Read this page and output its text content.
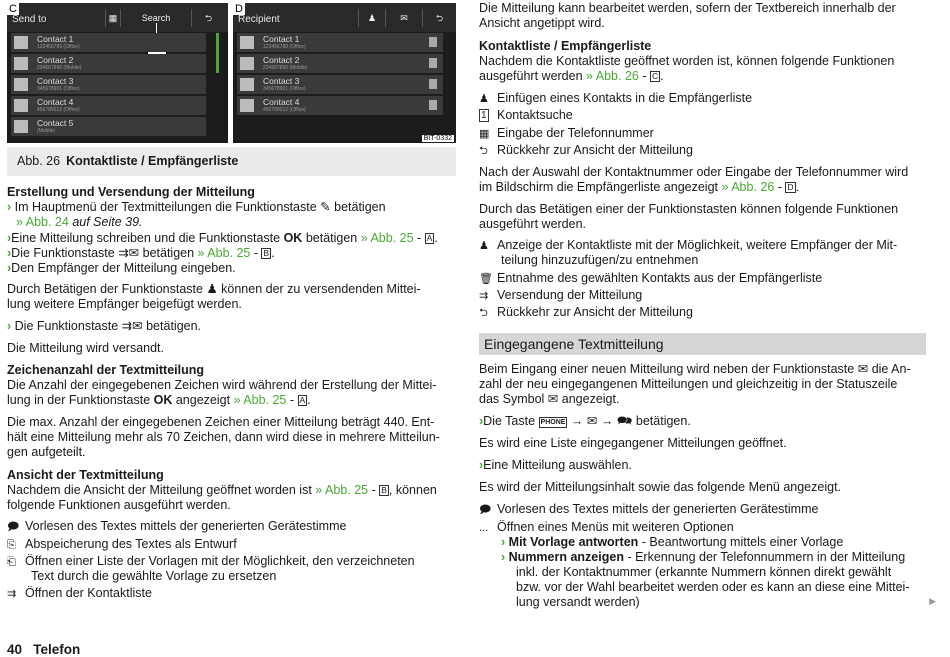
C
Send to	▦	Search	⮌
Contact 1
123456789 (Office)
Contact 2
234567890 (Mobile)
Contact 3
345678901 (Office)
Contact 4
456789012 (Office)
Contact 5
(Mobile)
D
Recipient	♟	✉	⮌
Contact 1
123456789 (Office)
Contact 2
234567890 (Mobile)
Contact 3
345678901 (Office)
Contact 4
456789012 (Office)
BIT-0332
Abb. 26 Kontaktliste / Empfängerliste
Erstellung und Versendung der Mitteilung
› Im Hauptmenü der Textmitteilungen die Funktionstaste ✎ betätigen
» Abb. 24 auf Seite 39.
›Eine Mitteilung schreiben und die Funktionstaste OK betätigen » Abb. 25 - A .
›Die Funktionstaste ⇉✉ betätigen » Abb. 25 - B .
›Den Empfänger der Mitteilung eingeben.
Durch Betätigen der Funktionstaste ♟ können der zu versendenden Mittei-
lung weitere Empfänger beigefügt werden.
› Die Funktionstaste ⇉✉ betätigen.
Die Mitteilung wird versandt.
Zeichenanzahl der Textmitteilung
Die Anzahl der eingegebenen Zeichen wird während der Erstellung der Mittei-
lung in der Funktionstaste OK angezeigt » Abb. 25 - A .
Die max. Anzahl der eingegebenen Zeichen einer Mitteilung beträgt 440. Ent-
hält eine Mitteilung mehr als 70 Zeichen, dann wird diese in mehrere Mitteilun-
gen aufgeteilt.
Ansicht der Textmitteilung
Nachdem die Ansicht der Mitteilung geöffnet worden ist » Abb. 25 - B , können
folgende Funktionen ausgeführt werden.
🗩 Vorlesen des Textes mittels der generierten Gerätestimme
⎘ Abspeicherung des Textes als Entwurf
⎗ Öffnen einer Liste der Vorlagen mit der Möglichkeit, den verzeichneten
Text durch die gewählte Vorlage zu ersetzen
⇉ Öffnen der Kontaktliste
Die Mitteilung kann bearbeitet werden, sofern der Textbereich innerhalb der
Ansicht angetippt wird.
Kontaktliste / Empfängerliste
Nachdem die Kontaktliste geöffnet worden ist, können folgende Funktionen
ausgeführt werden » Abb. 26 - C .
♟ Einfügen eines Kontakts in die Empfängerliste
1 Kontaktsuche
▦ Eingabe der Telefonnummer
⮌ Rückkehr zur Ansicht der Mitteilung
Nach der Auswahl der Kontaktnummer oder Eingabe der Telefonnummer wird
im Bildschirm die Empfängerliste angezeigt » Abb. 26 - D .
Durch das Betätigen einer der Funktionstasten können folgende Funktionen
ausgeführt werden.
♟ Anzeige der Kontaktliste mit der Möglichkeit, weitere Empfänger der Mit-
teilung hinzuzufügen/zu entnehmen
🗑 Entnahme des gewählten Kontakts aus der Empfängerliste
⇉ Versendung der Mitteilung
⮌ Rückkehr zur Ansicht der Mitteilung
Eingegangene Textmitteilung
Beim Eingang einer neuen Mitteilung wird neben der Funktionstaste ✉ die An-
zahl der neu eingegangenen Mitteilungen und gleichzeitig in der Statuszeile
das Symbol ✉ angezeigt.
›Die Taste PHONE → ✉ → 🗪 betätigen.
Es wird eine Liste eingegangener Mitteilungen geöffnet.
›Eine Mitteilung auswählen.
Es wird der Mitteilungsinhalt sowie das folgende Menü angezeigt.
🗩 Vorlesen des Textes mittels der generierten Gerätestimme
... Öffnen eines Menüs mit weiteren Optionen
› Mit Vorlage antworten - Beantwortung mittels einer Vorlage
› Nummern anzeigen - Erkennung der Telefonnummern in der Mitteilung
inkl. der Kontaktnummer (erkannte Nummern können direkt gewählt
bzw. vor der Wahl bearbeitet werden oder es kann an diese eine Mittei-
lung versandt werden)	▶
40 Telefon
